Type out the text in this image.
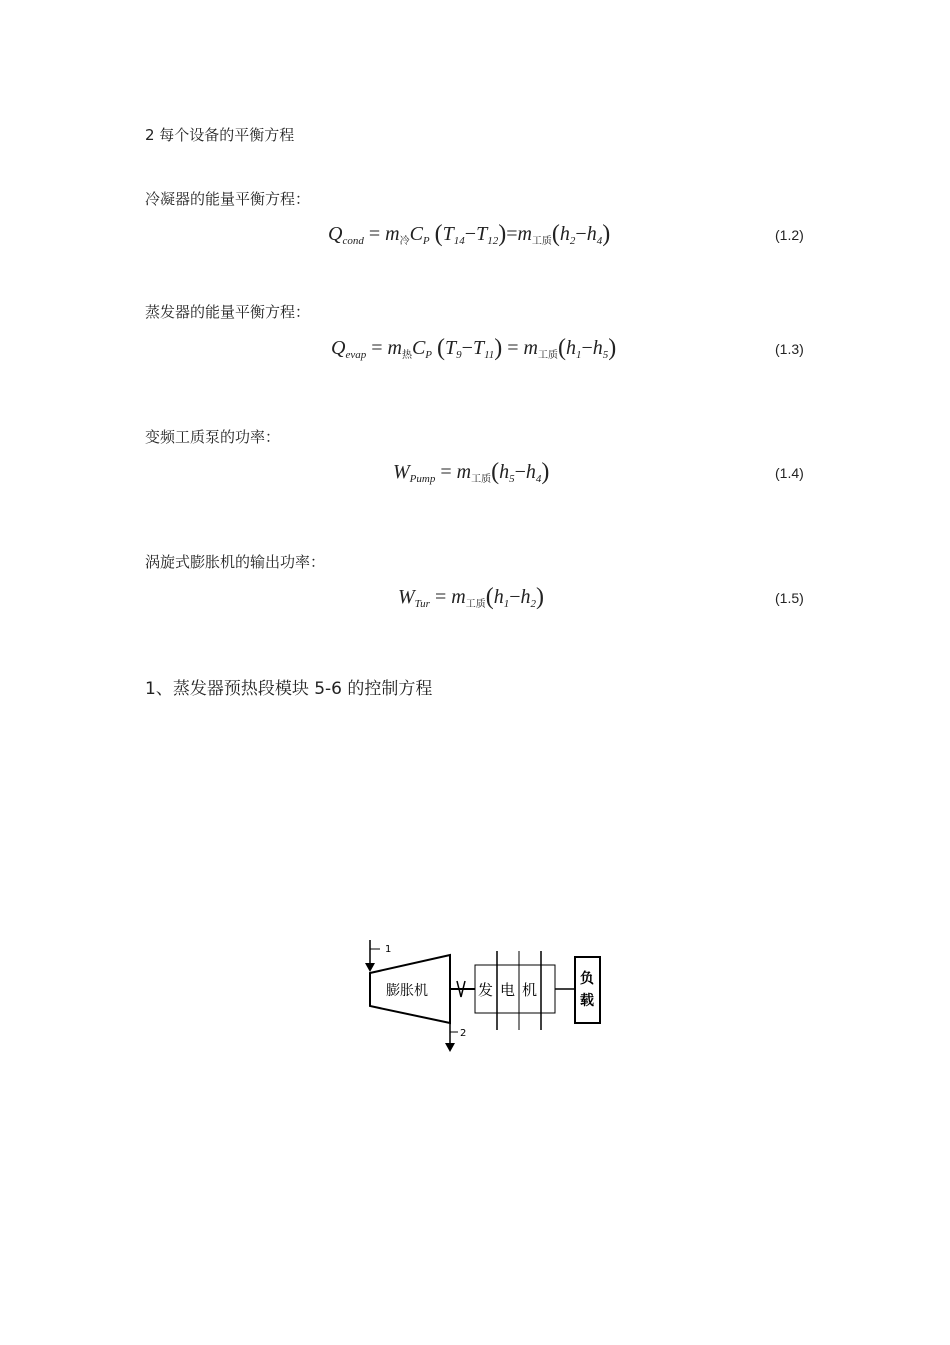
2 每个设备的平衡方程
冷凝器的能量平衡方程：
$Q_{cond} = m_冷C_P$ $(T_{14}-T_{12})=m_{工质}(h_2-h_4)$	(1.2)
蒸发器的能量平衡方程：
$Q_{evap} = m_热C_P$ $(T_9-T_{11}) = m_{工质}(h_1-h_5)$	(1.3)
变频工质泵的功率：
$W_{Pump} = m_{工质}(h_5-h_4)$	(1.4)
涡旋式膨胀机的输出功率：
$W_{Tur} = m_{工质}(h_1-h_2)$	(1.5)
1、蒸发器预热段模块 5-6 的控制方程
1
膨胀机
2
发 电 机
负
载
